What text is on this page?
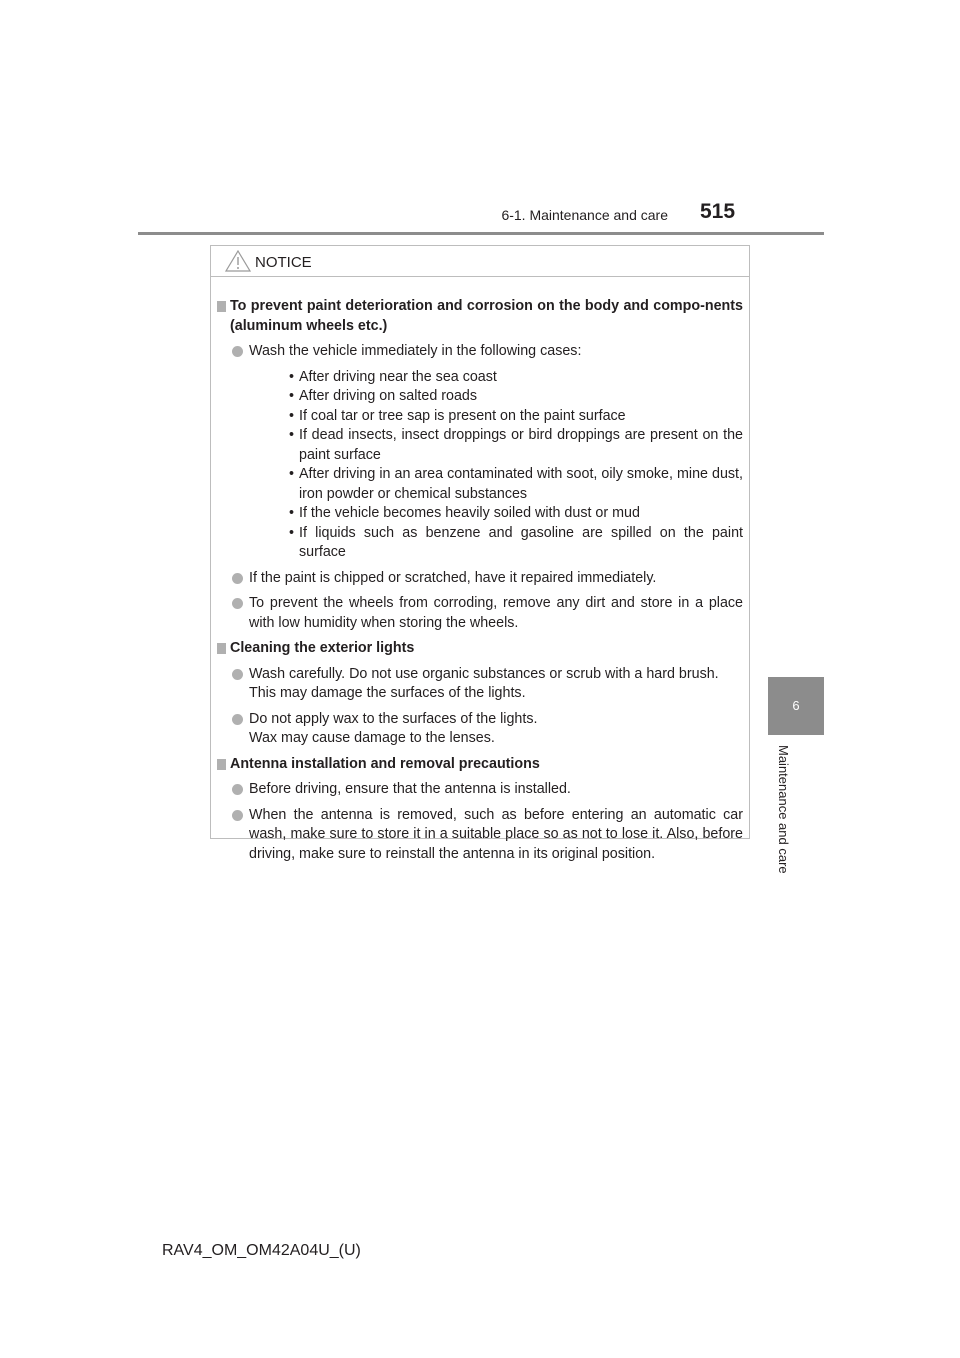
6-1. Maintenance and care 515
6
Maintenance and care
NOTICE
To prevent paint deterioration and corrosion on the body and compo-nents (aluminum wheels etc.)
Wash the vehicle immediately in the following cases:
• After driving near the sea coast
• After driving on salted roads
• If coal tar or tree sap is present on the paint surface
• If dead insects, insect droppings or bird droppings are present on the paint surface
• After driving in an area contaminated with soot, oily smoke, mine dust, iron powder or chemical substances
• If the vehicle becomes heavily soiled with dust or mud
• If liquids such as benzene and gasoline are spilled on the paint surface
If the paint is chipped or scratched, have it repaired immediately.
To prevent the wheels from corroding, remove any dirt and store in a place with low humidity when storing the wheels.
Cleaning the exterior lights
Wash carefully. Do not use organic substances or scrub with a hard brush.
This may damage the surfaces of the lights.
Do not apply wax to the surfaces of the lights.
Wax may cause damage to the lenses.
Antenna installation and removal precautions
Before driving, ensure that the antenna is installed.
When the antenna is removed, such as before entering an automatic car wash, make sure to store it in a suitable place so as not to lose it. Also, before driving, make sure to reinstall the antenna in its original position.
RAV4_OM_OM42A04U_(U)
